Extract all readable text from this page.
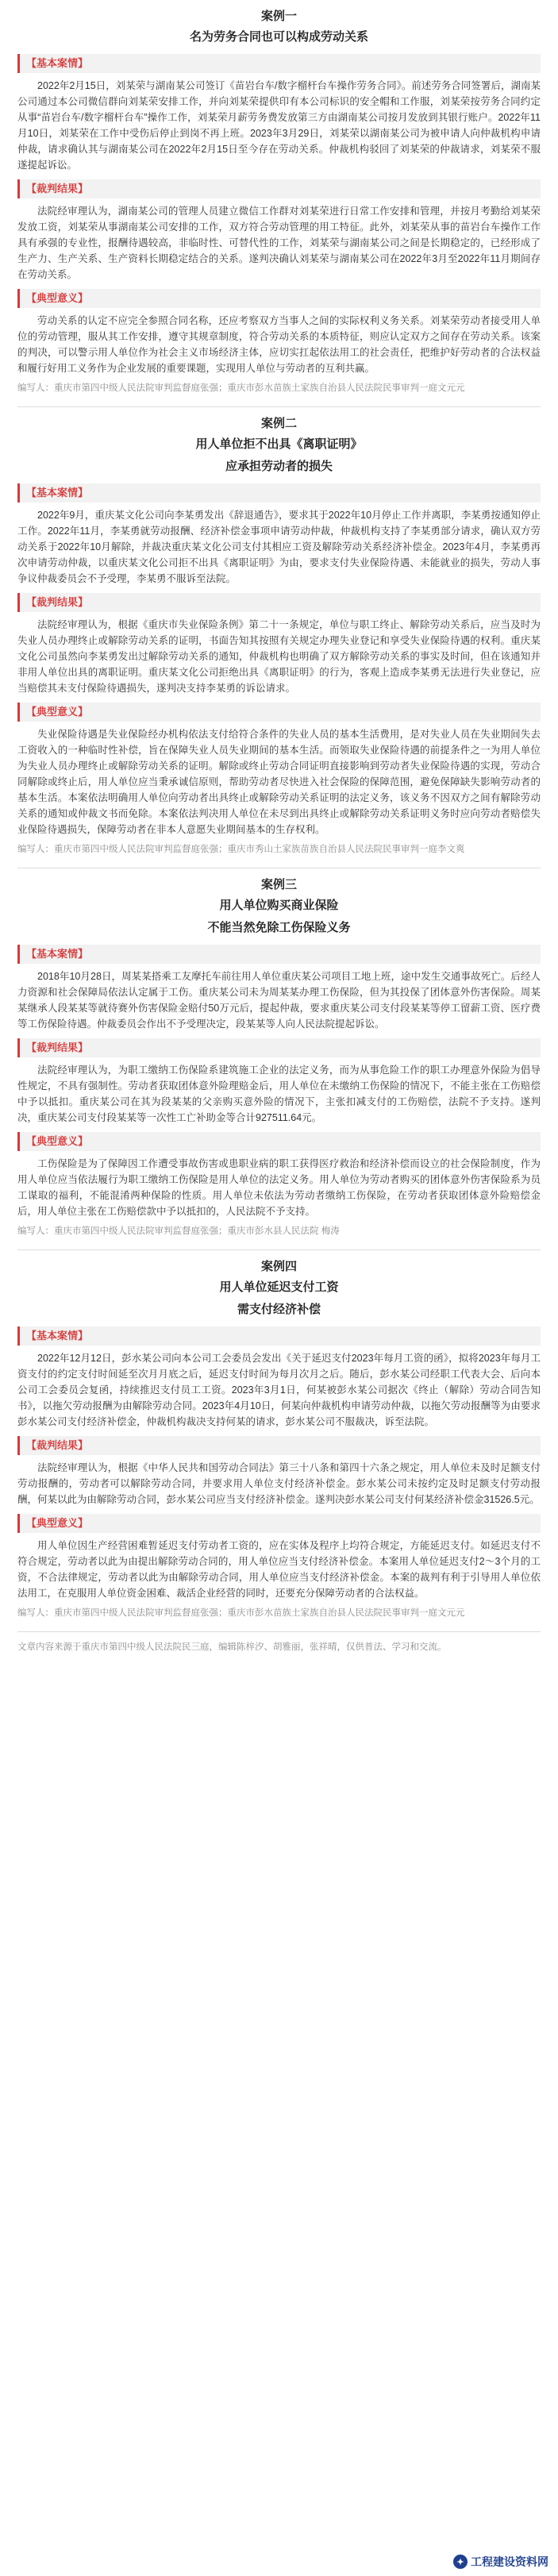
案例一
名为劳务合同也可以构成劳动关系
【基本案情】

2022年2月15日，刘某荣与湖南某公司签订《苗岩台车/数字榴杆台车操作劳务合同》。前述劳务合同签署后，湖南某公司通过本公司微信群向刘某荣安排工作，并向刘某荣提供印有本公司标识的安全帽和工作服，刘某荣按劳务合同约定从事“苗岩台车/数字榴杆台车”操作工作，刘某荣月薪劳务费发放第三方由湖南某公司按月发放到其银行账户。2022年11月10日，刘某荣在工作中受伤后停止到岗不再上班。2023年3月29日，刘某荣以湖南某公司为被申请人向仲裁机构申请仲裁，请求确认其与湖南某公司在2022年2月15日至今存在劳动关系。仲裁机构驳回了刘某荣的仲裁请求，刘某荣不服遂提起诉讼。

【裁判结果】

法院经审理认为，湖南某公司的管理人员建立微信工作群对刘某荣进行日常工作安排和管理，并按月考勤给刘某荣发放工资，刘某荣从事湖南某公司安排的工作，双方符合劳动管理的用工特征。此外，刘某荣从事的苗岩台车操作工作具有承强的专业性，报酬待遇较高，非临时性、可替代性的工作，刘某荣与湖南某公司之间是长期稳定的，已经形成了生产力、生产关系、生产资料长期稳定结合的关系。遂判决确认刘某荣与湖南某公司在2022年3月至2022年11月期间存在劳动关系。

【典型意义】

劳动关系的认定不应完全参照合同名称，还应考察双方当事人之间的实际权利义务关系。刘某荣劳动者接受用人单位的劳动管理，服从其工作安排，遵守其规章制度，符合劳动关系的本质特征，则应认定双方之间存在劳动关系。该案的判决，可以警示用人单位作为社会主义市场经济主体，应切实扛起依法用工的社会责任，把维护好劳动者的合法权益和履行好用工义务作为企业发展的重要课题，实现用人单位与劳动者的互利共赢。

编写人：重庆市第四中级人民法院审判监督庭张强；重庆市彭水苗族土家族自治县人民法院民事审判一庭文元元

案例二
用人单位拒不出具《离职证明》
应承担劳动者的损失
【基本案情】

2022年9月，重庆某文化公司向李某勇发出《辞退通告》，要求其于2022年10月停止工作并离职，李某勇按通知停止工作。2022年11月，李某勇就劳动报酬、经济补偿金事项申请劳动仲裁，仲裁机构支持了李某勇部分请求，确认双方劳动关系于2022年10月解除，并裁决重庆某文化公司支付其相应工资及解除劳动关系经济补偿金。2023年4月，李某勇再次申请劳动仲裁，以重庆某文化公司拒不出具《离职证明》为由，要求支付失业保险待遇、未能就业的损失，劳动人事争议仲裁委员会不予受理，李某勇不服诉至法院。

【裁判结果】

法院经审理认为，根据《重庆市失业保险条例》第二十一条规定，单位与职工终止、解除劳动关系后，应当及时为失业人员办理终止或解除劳动关系的证明，书面告知其按照有关规定办理失业登记和享受失业保险待遇的权利。重庆某文化公司虽然向李某勇发出过解除劳动关系的通知，仲裁机构也明确了双方解除劳动关系的事实及时间，但在该通知并非用人单位出具的离职证明。重庆某文化公司拒绝出具《离职证明》的行为，客观上造成李某勇无法进行失业登记，应当赔偿其未支付保险待遇损失，遂判决支持李某勇的诉讼请求。

【典型意义】

失业保险待遇是失业保险经办机构依法支付给符合条件的失业人员的基本生活费用，是对失业人员在失业期间失去工资收入的一种临时性补偿，旨在保障失业人员失业期间的基本生活。而领取失业保险待遇的前提条件之一为用人单位为失业人员办理终止或解除劳动关系的证明。解除或终止劳动合同证明直接影响到劳动者失业保险待遇的实现，劳动合同解除或终止后，用人单位应当秉承诚信原则，帮助劳动者尽快进入社会保险的保障范围，避免保障缺失影响劳动者的基本生活。本案依法明确用人单位向劳动者出具终止或解除劳动关系证明的法定义务，该义务不因双方之间有解除劳动关系的通知或仲裁文书而免除。本案依法判决用人单位在未尽到出具终止或解除劳动关系证明义务时应向劳动者赔偿失业保险待遇损失，保障劳动者在非本人意愿失业期间基本的生存权利。

编写人：重庆市第四中级人民法院审判监督庭张强；重庆市秀山土家族苗族自治县人民法院民事审判一庭李文爽

案例三
用人单位购买商业保险
不能当然免除工伤保险义务
【基本案情】

2018年10月28日，周某某搭乘工友摩托车前往用人单位重庆某公司项目工地上班，途中发生交通事故死亡。后经人力资源和社会保障局依法认定属于工伤。重庆某公司未为周某某办理工伤保险，但为其投保了团体意外伤害保险。周某某继承人段某某等就待赛外伤害保险金赔付50万元后，提起仲裁，要求重庆某公司支付段某某等停工留薪工资、医疗费等工伤保险待遇。仲裁委员会作出不予受理决定，段某某等人向人民法院提起诉讼。

【裁判结果】

法院经审理认为，为职工缴纳工伤保险系建筑施工企业的法定义务，而为从事危险工作的职工办理意外保险为倡导性规定，不具有强制性。劳动者获取团体意外险理赔金后，用人单位在未缴纳工伤保险的情况下，不能主张在工伤赔偿中予以抵扣。重庆某公司在其为段某某的父亲购买意外险的情况下，主张扣减支付的工伤赔偿，法院不予支持。遂判决，重庆某公司支付段某某等一次性工亡补助金等合计927511.64元。

【典型意义】

工伤保险是为了保障因工作遭受事故伤害或患职业病的职工获得医疗救治和经济补偿而设立的社会保险制度，作为用人单位应当依法履行为职工缴纳工伤保险是用人单位的法定义务。用人单位为劳动者购买的团体意外伤害保险系为员工谋取的福利，不能混淆两种保险的性质。用人单位未依法为劳动者缴纳工伤保险，在劳动者获取团体意外险赔偿金后，用人单位主张在工伤赔偿款中予以抵扣的，人民法院不予支持。

编写人：重庆市第四中级人民法院审判监督庭张强；重庆市彭水县人民法院 梅涛

案例四
用人单位延迟支付工资
需支付经济补偿
【基本案情】

2022年12月12日，彭水某公司向本公司工会委员会发出《关于延迟支付2023年每月工资的函》，拟将2023年每月工资支付的约定支付时间延至次月月底之后，延迟支付时间为每月次月之后。随后，彭水某公司经职工代表大会、后向本公司工会委员会复函，持续推迟支付员工工资。2023年3月1日，何某被彭水某公司据次《终止（解除）劳动合同告知书》，以拖欠劳动报酬为由解除劳动合同。2023年4月10日，何某向仲裁机构申请劳动仲裁，以拖欠劳动报酬等为由要求彭水某公司支付经济补偿金，仲裁机构裁决支持何某的请求，彭水某公司不服裁决，诉至法院。

【裁判结果】

法院经审理认为，根据《中华人民共和国劳动合同法》第三十八条和第四十六条之规定，用人单位未及时足额支付劳动报酬的，劳动者可以解除劳动合同，并要求用人单位支付经济补偿金。彭水某公司未按约定及时足额支付劳动报酬，何某以此为由解除劳动合同，彭水某公司应当支付经济补偿金。遂判决彭水某公司支付何某经济补偿金31526.5元。

【典型意义】

用人单位因生产经营困难暂延迟支付劳动者工资的，应在实体及程序上均符合规定，方能延迟支付。如延迟支付不符合规定，劳动者以此为由提出解除劳动合同的，用人单位应当支付经济补偿金。本案用人单位延迟支付2～3个月的工资，不合法律规定，劳动者以此为由解除劳动合同，用人单位应当支付经济补偿金。本案的裁判有利于引导用人单位依法用工，在克服用人单位资金困难、裁活企业经营的同时，还要充分保障劳动者的合法权益。

编写人：重庆市第四中级人民法院审判监督庭张强；重庆市彭水苗族土家族自治县人民法院民事审判一庭文元元

文章内容来源于重庆市第四中级人民法院民三庭，编辑陈梓汐、胡雅丽，张祥晴，仅供普法、学习和交流。

✦ 工程建设资料网
